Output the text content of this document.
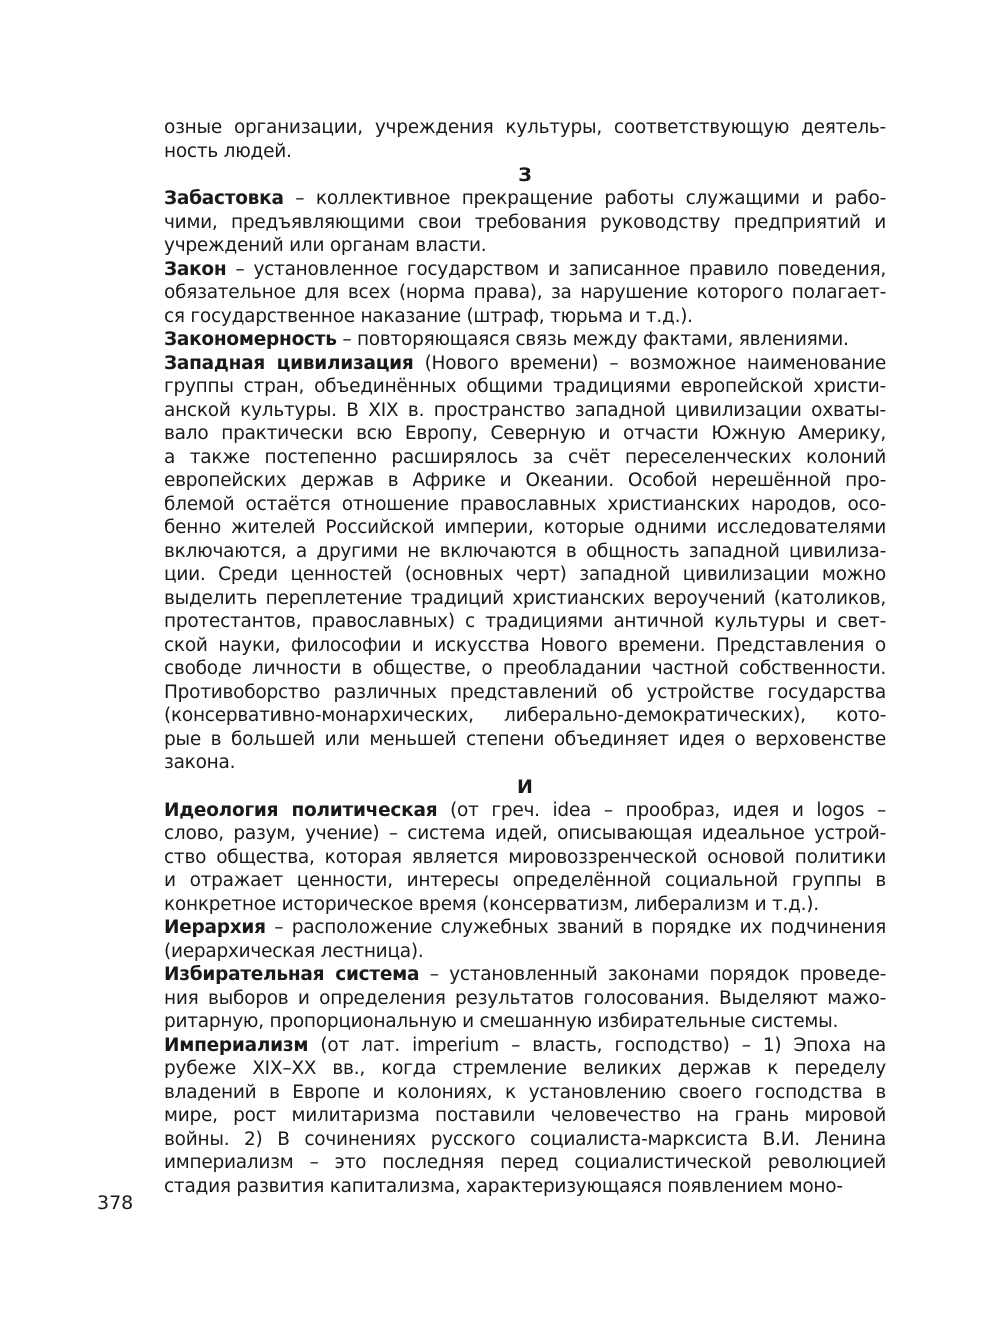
озные организации, учреждения культуры, соответствующую деятель-
ность людей.
З
Забастовка – коллективное прекращение работы служащими и рабо-
чими, предъявляющими свои требования руководству предприятий и
учреждений или органам власти.
Закон – установленное государством и записанное правило поведения,
обязательное для всех (норма права), за нарушение которого полагает-
ся государственное наказание (штраф, тюрьма и т.д.).
Закономерность – повторяющаяся связь между фактами, явлениями.
Западная цивилизация (Нового времени) – возможное наименование
группы стран, объединённых общими традициями европейской христи-
анской культуры. В XIX в. пространство западной цивилизации охваты-
вало практически всю Европу, Северную и отчасти Южную Америку,
а также постепенно расширялось за счёт переселенческих колоний
европейских держав в Африке и Океании. Особой нерешённой про-
блемой остаётся отношение православных христианских народов, осо-
бенно жителей Российской империи, которые одними исследователями
включаются, а другими не включаются в общность западной цивилиза-
ции. Среди ценностей (основных черт) западной цивилизации можно
выделить переплетение традиций христианских вероучений (католиков,
протестантов, православных) с традициями античной культуры и свет-
ской науки, философии и искусства Нового времени. Представления о
свободе личности в обществе, о преобладании частной собственности.
Противоборство различных представлений об устройстве государства
(консервативно-монархических, либерально-демократических), кото-
рые в большей или меньшей степени объединяет идея о верховенстве
закона.
И
Идеология политическая (от греч. idea – прообраз, идея и logos –
слово, разум, учение) – система идей, описывающая идеальное устрой-
ство общества, которая является мировоззренческой основой политики
и отражает ценности, интересы определённой социальной группы в
конкретное историческое время (консерватизм, либерализм и т.д.).
Иерархия – расположение служебных званий в порядке их подчинения
(иерархическая лестница).
Избирательная система – установленный законами порядок проведе-
ния выборов и определения результатов голосования. Выделяют мажо-
ритарную, пропорциональную и смешанную избирательные системы.
Империализм (от лат. imperium – власть, господство) – 1) Эпоха на
рубеже XIX–XX вв., когда стремление великих держав к переделу
владений в Европе и колониях, к установлению своего господства в
мире, рост милитаризма поставили человечество на грань мировой
войны. 2) В сочинениях русского социалиста-марксиста В.И. Ленина
империализм – это последняя перед социалистической революцией
стадия развития капитализма, характеризующаяся появлением моно-
378
